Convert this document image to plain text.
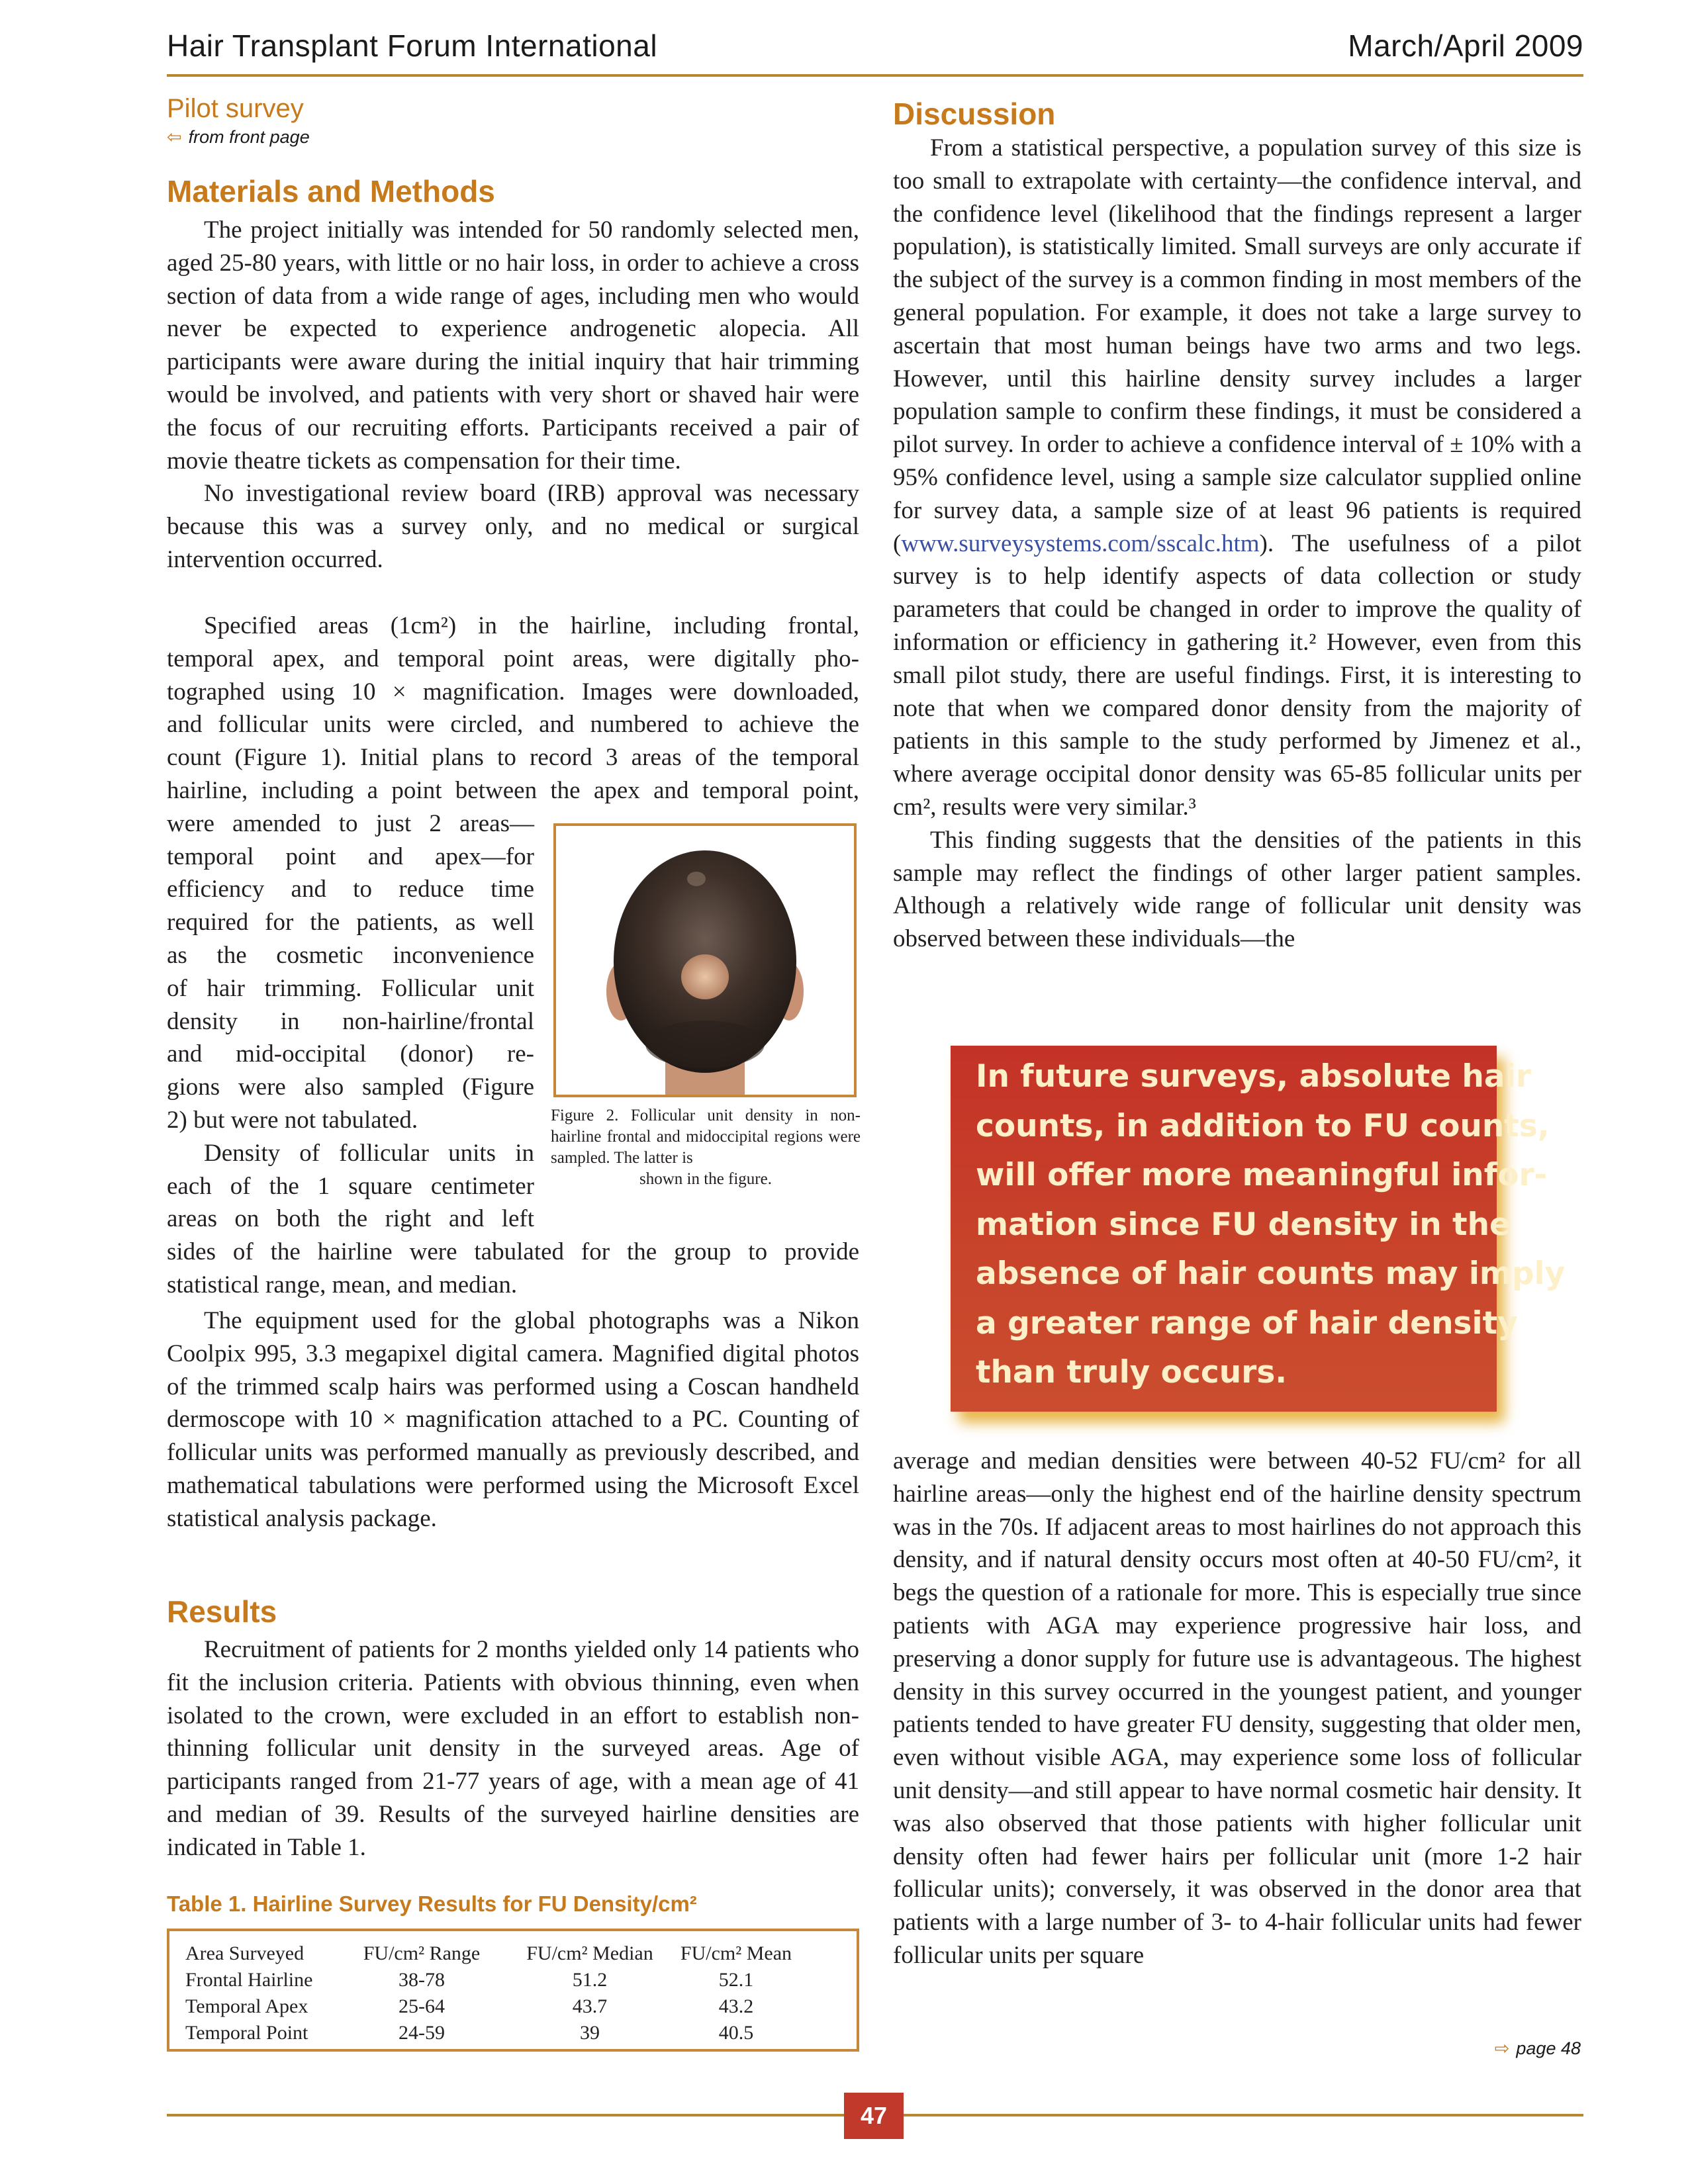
Hair Transplant Forum International	March/April 2009
Pilot survey
⇦ from front page
Materials and Methods

The project initially was intended for 50 randomly selected men, aged 25-80 years, with little or no hair loss, in order to achieve a cross section of data from a wide range of ages, including men who would never be expected to experience androgenetic alopecia. All participants were aware during the initial inquiry that hair trimming would be involved, and patients with very short or shaved hair were the focus of our recruiting efforts. Participants received a pair of movie theatre tickets as compensation for their time.

No investigational review board (IRB) approval was necessary because this was a survey only, and no medical or surgical intervention occurred.

Specified areas (1cm²) in the hairline, including frontal,
temporal apex, and temporal point areas, were digitally pho-
tographed using 10 × magnification. Images were downloaded,
and follicular units were circled, and numbered to achieve the
count (Figure 1). Initial plans to record 3 areas of the temporal
hairline, including a point between the apex and temporal point,
were amended to just 2 areas—
temporal point and apex—for
efficiency and to reduce time
required for the patients, as well
as the cosmetic inconvenience
of hair trimming. Follicular unit
density in non-hairline/frontal
and mid-occipital (donor) re-
gions were also sampled (Figure
2) but were not tabulated.
Density of follicular units in
each of the 1 square centimeter
areas on both the right and left
sides of the hairline were tabulated for the group to provide
statistical range, mean, and median.
Figure 2. Follicular unit density in non-hairline frontal and midoccipital regions were sampled. The latter is
shown in the figure.

The equipment used for the global photographs was a Nikon Coolpix 995, 3.3 megapixel digital camera. Magnified digital photos of the trimmed scalp hairs was performed using a Coscan handheld dermoscope with 10 × magnification attached to a PC. Counting of follicular units was performed manually as previously described, and mathematical tabulations were performed using the Microsoft Excel statistical analysis package.

Results

Recruitment of patients for 2 months yielded only 14 patients who fit the inclusion criteria. Patients with obvious thinning, even when isolated to the crown, were excluded in an effort to establish non-thinning follicular unit density in the surveyed areas. Age of participants ranged from 21-77 years of age, with a mean age of 41 and median of 39. Results of the surveyed hairline densities are indicated in Table 1.

Table 1. Hairline Survey Results for FU Density/cm²
Area Surveyed	FU/cm² Range	FU/cm² Median	FU/cm² Mean
Frontal Hairline	38-78	51.2	52.1
Temporal Apex	25-64	43.7	43.2
Temporal Point	24-59	39	40.5
Discussion

From a statistical perspective, a population survey of this size is too small to extrapolate with certainty—the confidence interval, and the confidence level (likelihood that the findings represent a larger population), is statistically limited. Small surveys are only accurate if the subject of the survey is a common finding in most members of the general population. For example, it does not take a large survey to ascertain that most human beings have two arms and two legs. However, until this hairline density survey includes a larger population sample to confirm these findings, it must be considered a pilot survey. In order to achieve a confidence interval of ± 10% with a 95% confidence level, using a sample size calculator supplied online for survey data, a sample size of at least 96 patients is required (www.surveysystems.com/sscalc.htm). The usefulness of a pilot survey is to help identify aspects of data collection or study parameters that could be changed in order to improve the quality of information or efficiency in gathering it.² However, even from this small pilot study, there are useful findings. First, it is interesting to note that when we compared donor density from the majority of patients in this sample to the study performed by Jimenez et al., where average occipital donor density was 65-85 follicular units per cm², results were very similar.³

This finding suggests that the densities of the patients in this sample may reflect the findings of other larger patient samples. Although a relatively wide range of follicular unit density was observed between these individuals—the

In future surveys, absolute hair
counts, in addition to FU counts,
will offer more meaningful infor-
mation since FU density in the
absence of hair counts may imply
a greater range of hair density
than truly occurs.

average and median densities were between 40-52 FU/cm² for all hairline areas—only the highest end of the hairline density spectrum was in the 70s. If adjacent areas to most hairlines do not approach this density, and if natural density occurs most often at 40-50 FU/cm², it begs the question of a rationale for more. This is especially true since patients with AGA may experience progressive hair loss, and preserving a donor supply for future use is advantageous. The highest density in this survey occurred in the youngest patient, and younger patients tended to have greater FU density, suggesting that older men, even without visible AGA, may experience some loss of follicular unit density—and still appear to have normal cosmetic hair density. It was also observed that those patients with higher follicular unit density often had fewer hairs per follicular unit (more 1-2 hair follicular units); conversely, it was observed in the donor area that patients with a large number of 3- to 4-hair follicular units had fewer follicular units per square

⇨ page 48
47
